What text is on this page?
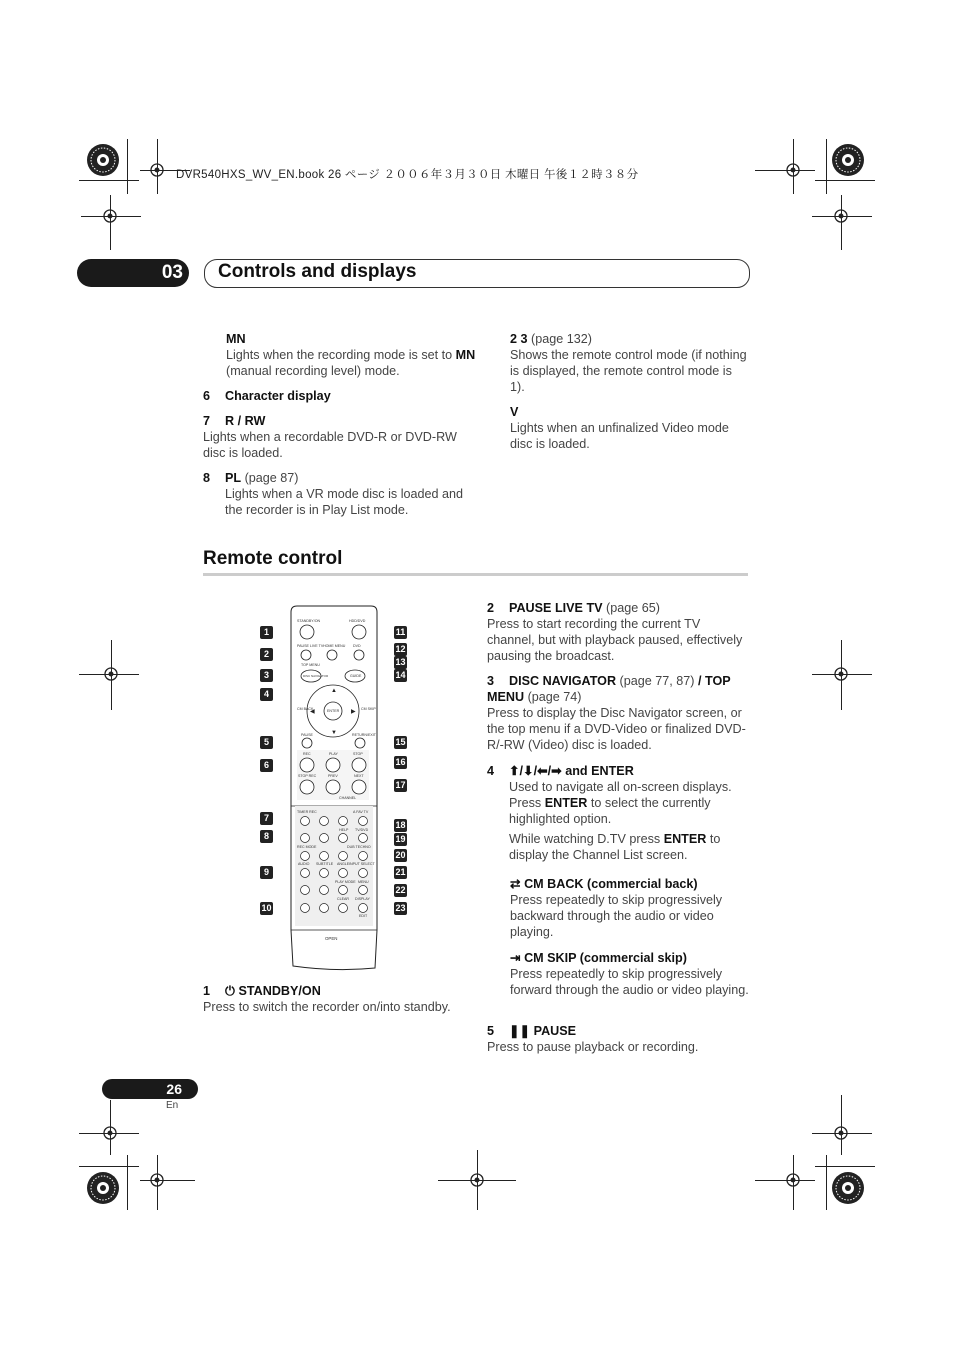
DVR540HXS_WV_EN.book 26 ページ ２００６年３月３０日 木曜日 午後１２時３８分
03 Controls and displays
MN
Lights when the recording mode is set to MN (manual recording level) mode.
6	Character display
7	R / RW
Lights when a recordable DVD-R or DVD-RW disc is loaded.
8	PL (page 87)
Lights when a VR mode disc is loaded and the recorder is in Play List mode.
2 3 (page 132)
Shows the remote control mode (if nothing is displayed, the remote control mode is 1).
V
Lights when an unfinalized Video mode disc is loaded.
Remote control
STANDBY/ON	HDD/DVD
PAUSE LIVE TV HOME MENU DVD
TOP MENU
DISC NAVIGATOR	GUIDE
ENTER
▲
▼
◀	▶
CM BACK	CM SKIP
PAUSE	RETURN/EXIT
REC	PLAY	STOP
STOP REC	PREV	NEXT
CHANNEL
TIMER REC	A FAV TV
HELP TV/DVD
REC MODE	DUB TECHNO
AUDIO SUBTITLE ANGLE INPUT SELECT
PLAY MODE MENU
CLEAR DISPLAY
EDIT
OPEN
1
2
3
4
5
6
7
8
9
10
11
12
13
14
15
16
17
18
19
20
21
22
23
1	⏻ STANDBY/ON
Press to switch the recorder on/into standby.
2	PAUSE LIVE TV (page 65)
Press to start recording the current TV channel, but with playback paused, effectively pausing the broadcast.
3	DISC NAVIGATOR (page 77, 87) / TOP MENU (page 74)
Press to display the Disc Navigator screen, or the top menu if a DVD-Video or finalized DVD-R/-RW (Video) disc is loaded.
4	⬆/⬇/⬅/➡ and ENTER
Used to navigate all on-screen displays. Press ENTER to select the currently highlighted option.
While watching D.TV press ENTER to display the Channel List screen.
⇄ CM BACK (commercial back)
Press repeatedly to skip progressively backward through the audio or video playing.
⇥ CM SKIP (commercial skip)
Press repeatedly to skip progressively forward through the audio or video playing.
5	❚❚ PAUSE
Press to pause playback or recording.
26
En
